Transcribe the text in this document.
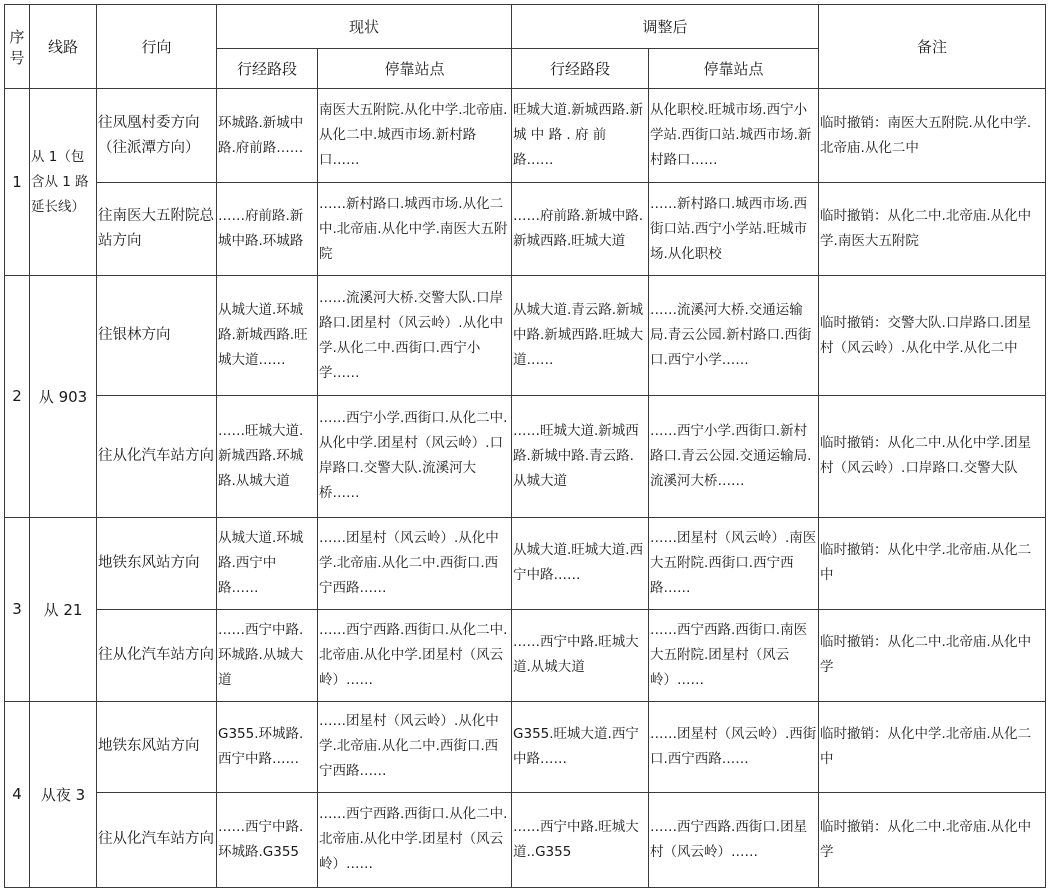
序号	线路	行向	现状		调整后		备注
			行经路段	停靠站点	行经路段	停靠站点	
1	从 1（包含从 1 路延长线）	往凤凰村委方向（往派潭方向）	环城路.新城中路.府前路……	南医大五附院.从化中学.北帝庙.从化二中.城西市场.新村路口……	旺城大道.新城西路.新 城 中 路 . 府 前 路……	从化职校.旺城市场.西宁小学站.西街口站.城西市场.新村路口……	临时撤销：南医大五附院.从化中学.北帝庙.从化二中
		往南医大五附院总站方向	……府前路.新城中路.环城路	……新村路口.城西市场.从化二中.北帝庙.从化中学.南医大五附院	……府前路.新城中路.新城西路.旺城大道	……新村路口.城西市场.西街口站.西宁小学站.旺城市场.从化职校	临时撤销：从化二中.北帝庙.从化中学.南医大五附院
2	从 903	往银林方向	从城大道.环城路.新城西路.旺城大道……	……流溪河大桥.交警大队.口岸路口.团星村（风云岭）.从化中学.从化二中.西街口.西宁小学……	从城大道.青云路.新城中路.新城西路.旺城大道……	……流溪河大桥.交通运输局.青云公园.新村路口.西街口.西宁小学……	临时撤销：交警大队.口岸路口.团星村（风云岭）.从化中学.从化二中
		往从化汽车站方向	……旺城大道.新城西路.环城路.从城大道	……西宁小学.西街口.从化二中.从化中学.团星村（风云岭）.口岸路口.交警大队.流溪河大桥……	……旺城大道.新城西路.新城中路.青云路.从城大道	……西宁小学.西街口.新村路口.青云公园.交通运输局.流溪河大桥……	临时撤销：从化二中.从化中学.团星村（风云岭）.口岸路口.交警大队
3	从 21	地铁东风站方向	从城大道.环城路.西宁中路……	……团星村（风云岭）.从化中学.北帝庙.从化二中.西街口.西宁西路……	从城大道.旺城大道.西宁中路……	……团星村（风云岭）.南医大五附院.西街口.西宁西路……	临时撤销：从化中学.北帝庙.从化二中
		往从化汽车站方向	……西宁中路.环城路.从城大道	……西宁西路.西街口.从化二中.北帝庙.从化中学.团星村（风云岭）……	……西宁中路.旺城大道.从城大道	……西宁西路.西街口.南医大五附院.团星村（风云岭）……	临时撤销：从化二中.北帝庙.从化中学
4	从夜 3	地铁东风站方向	G355.环城路.西宁中路……	……团星村（风云岭）.从化中学.北帝庙.从化二中.西街口.西宁西路……	G355.旺城大道.西宁中路……	……团星村（风云岭）.西街口.西宁西路……	临时撤销：从化中学.北帝庙.从化二中
		往从化汽车站方向	……西宁中路.环城路.G355	……西宁西路.西街口.从化二中.北帝庙.从化中学.团星村（风云岭）……	……西宁中路.旺城大道..G355	……西宁西路.西街口.团星村（风云岭）……	临时撤销：从化二中.北帝庙.从化中学
